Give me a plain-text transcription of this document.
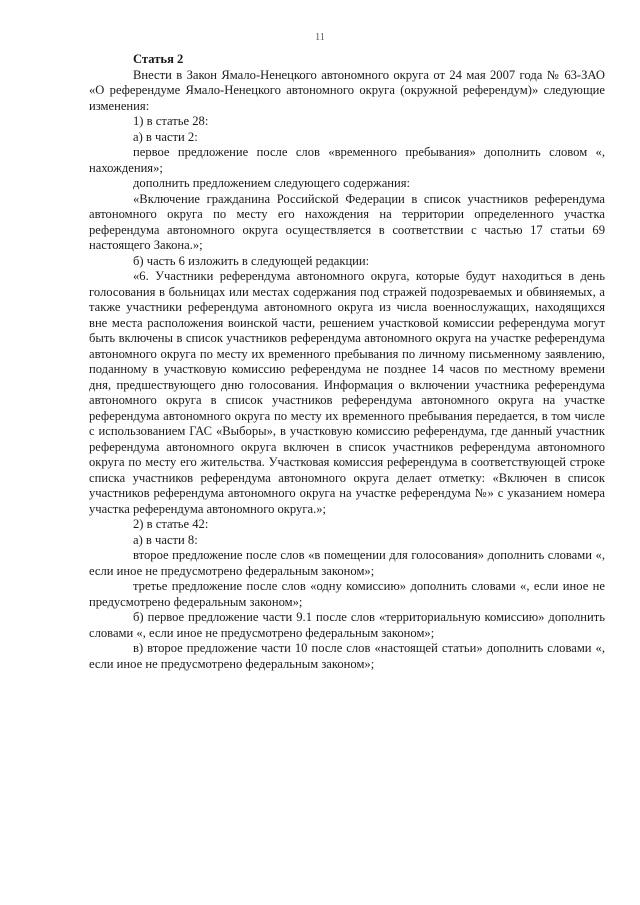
11

Статья 2

Внести в Закон Ямало-Ненецкого автономного округа от 24 мая 2007 года № 63-ЗАО «О референдуме Ямало-Ненецкого автономного округа (окружной референдум)» следующие изменения:

1) в статье 28:

а) в части 2:

первое предложение после слов «временного пребывания» дополнить словом «, нахождения»;

дополнить предложением следующего содержания:

«Включение гражданина Российской Федерации в список участников референдума автономного округа по месту его нахождения на территории определенного участка референдума автономного округа осуществляется в соответствии с частью 17 статьи 69 настоящего Закона.»;

б) часть 6 изложить в следующей редакции:

«6. Участники референдума автономного округа, которые будут находиться в день голосования в больницах или местах содержания под стражей подозреваемых и обвиняемых, а также участники референдума автономного округа из числа военнослужащих, находящихся вне места расположения воинской части, решением участковой комиссии референдума могут быть включены в список участников референдума автономного округа на участке референдума автономного округа по месту их временного пребывания по личному письменному заявлению, поданному в участковую комиссию референдума не позднее 14 часов по местному времени дня, предшествующего дню голосования. Информация о включении участника референдума автономного округа в список участников референдума автономного округа на участке референдума автономного округа по месту их временного пребывания передается, в том числе с использованием ГАС «Выборы», в участковую комиссию референдума, где данный участник референдума автономного округа включен в список участников референдума автономного округа по месту его жительства. Участковая комиссия референдума в соответствующей строке списка участников референдума автономного округа делает отметку: «Включен в список участников референдума автономного округа на участке референдума №» с указанием номера участка референдума автономного округа.»;

2) в статье 42:

а) в части 8:

второе предложение после слов «в помещении для голосования» дополнить словами «, если иное не предусмотрено федеральным законом»;

третье предложение после слов «одну комиссию» дополнить словами «, если иное не предусмотрено федеральным законом»;

б) первое предложение части 9.1 после слов «территориальную комиссию» дополнить словами «, если иное не предусмотрено федеральным законом»;

в) второе предложение части 10 после слов «настоящей статьи» дополнить словами «, если иное не предусмотрено федеральным законом»;
